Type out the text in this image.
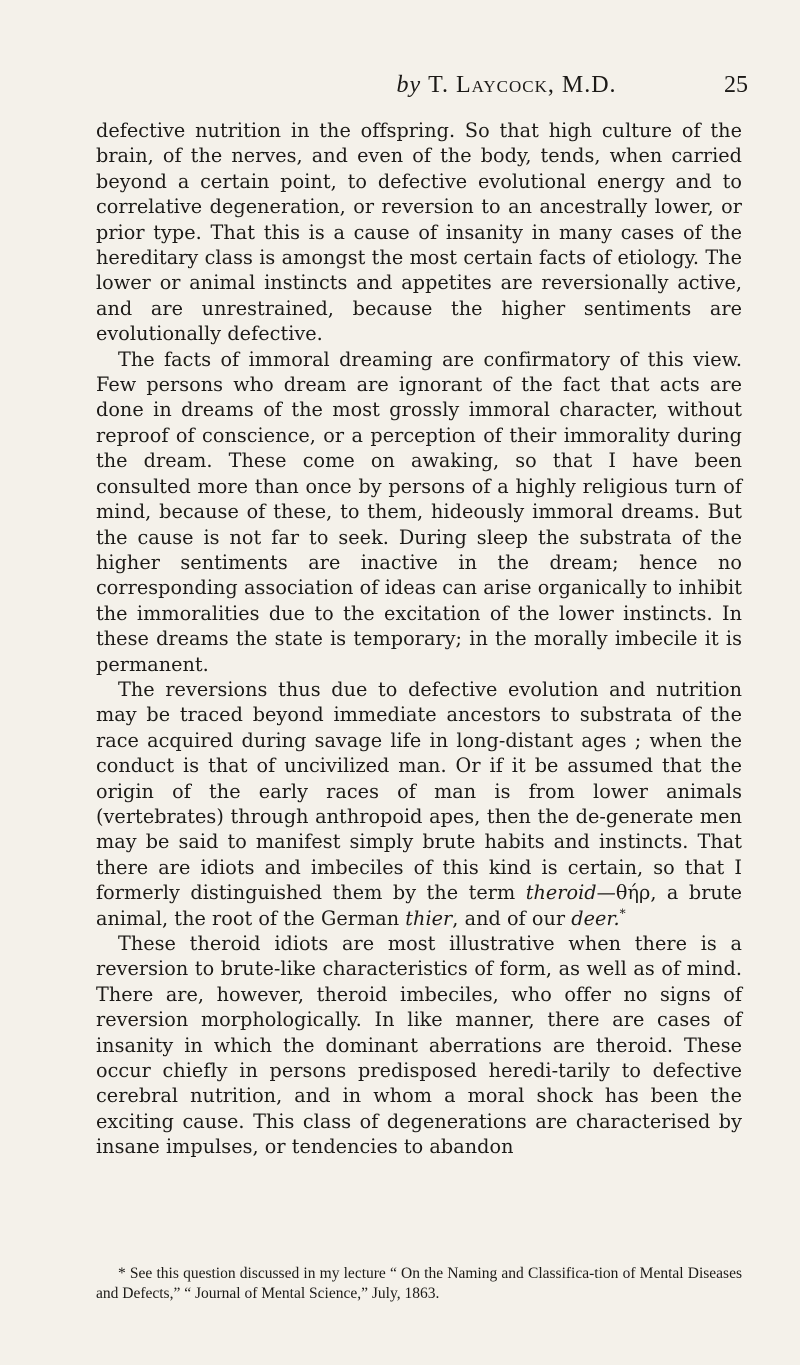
by T. Laycock, M.D.	25

defective nutrition in the offspring. So that high culture of the brain, of the nerves, and even of the body, tends, when carried beyond a certain point, to defective evolutional energy and to correlative degeneration, or reversion to an ancestrally lower, or prior type. That this is a cause of insanity in many cases of the hereditary class is amongst the most certain facts of etiology. The lower or animal instincts and appetites are reversionally active, and are unrestrained, because the higher sentiments are evolutionally defective.

The facts of immoral dreaming are confirmatory of this view. Few persons who dream are ignorant of the fact that acts are done in dreams of the most grossly immoral character, without reproof of conscience, or a perception of their immorality during the dream. These come on awaking, so that I have been consulted more than once by persons of a highly religious turn of mind, because of these, to them, hideously immoral dreams. But the cause is not far to seek. During sleep the substrata of the higher sentiments are inactive in the dream; hence no corresponding association of ideas can arise organically to inhibit the immoralities due to the excitation of the lower instincts. In these dreams the state is temporary; in the morally imbecile it is permanent.

The reversions thus due to defective evolution and nutrition may be traced beyond immediate ancestors to substrata of the race acquired during savage life in long-distant ages ; when the conduct is that of uncivilized man. Or if it be assumed that the origin of the early races of man is from lower animals (vertebrates) through anthropoid apes, then the de-generate men may be said to manifest simply brute habits and instincts. That there are idiots and imbeciles of this kind is certain, so that I formerly distinguished them by the term theroid—θήρ, a brute animal, the root of the German thier, and of our deer.*

These theroid idiots are most illustrative when there is a reversion to brute-like characteristics of form, as well as of mind. There are, however, theroid imbeciles, who offer no signs of reversion morphologically. In like manner, there are cases of insanity in which the dominant aberrations are theroid. These occur chiefly in persons predisposed heredi-tarily to defective cerebral nutrition, and in whom a moral shock has been the exciting cause. This class of degenerations are characterised by insane impulses, or tendencies to abandon

* See this question discussed in my lecture “ On the Naming and Classifica-tion of Mental Diseases and Defects,” “ Journal of Mental Science,” July, 1863.
